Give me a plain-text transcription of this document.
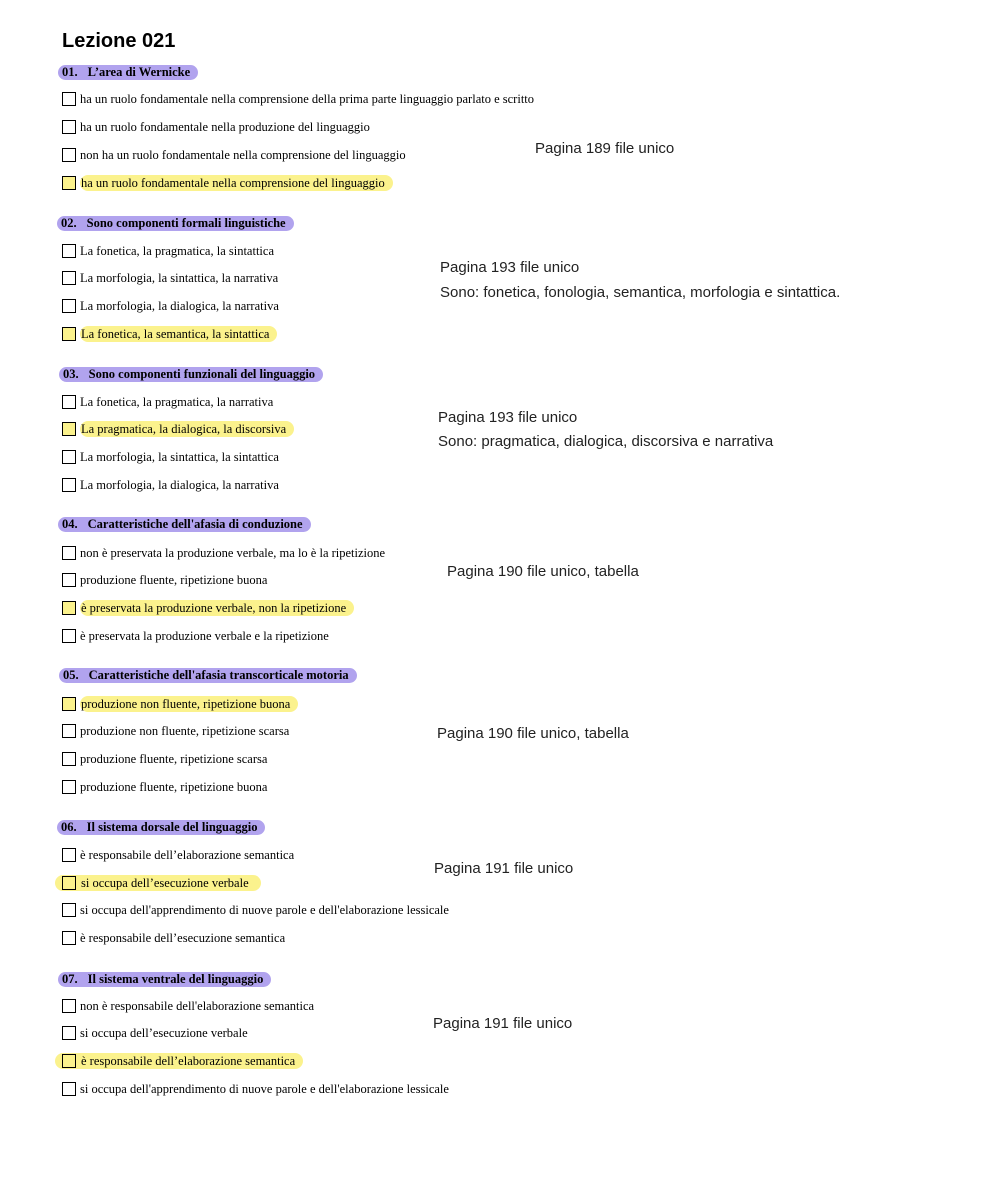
Lezione 021
01. L’area di Wernicke
ha un ruolo fondamentale nella comprensione della prima parte linguaggio parlato e scritto
ha un ruolo fondamentale nella produzione del linguaggio
non ha un ruolo fondamentale nella comprensione del linguaggio
ha un ruolo fondamentale nella comprensione del linguaggio
Pagina 189 file unico
02. Sono componenti formali linguistiche
La fonetica, la pragmatica, la sintattica
La morfologia, la sintattica, la narrativa
La morfologia, la dialogica, la narrativa
La fonetica, la semantica, la sintattica
Pagina 193 file unico
Sono: fonetica, fonologia, semantica, morfologia e sintattica.
03. Sono componenti funzionali del linguaggio
La fonetica, la pragmatica, la narrativa
La pragmatica, la dialogica, la discorsiva
La morfologia, la sintattica, la sintattica
La morfologia, la dialogica, la narrativa
Pagina 193 file unico
Sono: pragmatica, dialogica, discorsiva e narrativa
04. Caratteristiche dell'afasia di conduzione
non è preservata la produzione verbale, ma lo è la ripetizione
produzione fluente, ripetizione buona
è preservata la produzione verbale, non la ripetizione
è preservata la produzione verbale e la ripetizione
Pagina 190 file unico, tabella
05. Caratteristiche dell'afasia transcorticale motoria
produzione non fluente, ripetizione buona
produzione non fluente, ripetizione scarsa
produzione fluente, ripetizione scarsa
produzione fluente, ripetizione buona
Pagina 190 file unico, tabella
06. Il sistema dorsale del linguaggio
è responsabile dell’elaborazione semantica
si occupa dell’esecuzione verbale
si occupa dell'apprendimento di nuove parole e dell'elaborazione lessicale
è responsabile dell’esecuzione semantica
Pagina 191 file unico
07. Il sistema ventrale del linguaggio
non è responsabile dell'elaborazione semantica
si occupa dell’esecuzione verbale
è responsabile dell’elaborazione semantica
si occupa dell'apprendimento di nuove parole e dell'elaborazione lessicale
Pagina 191 file unico
